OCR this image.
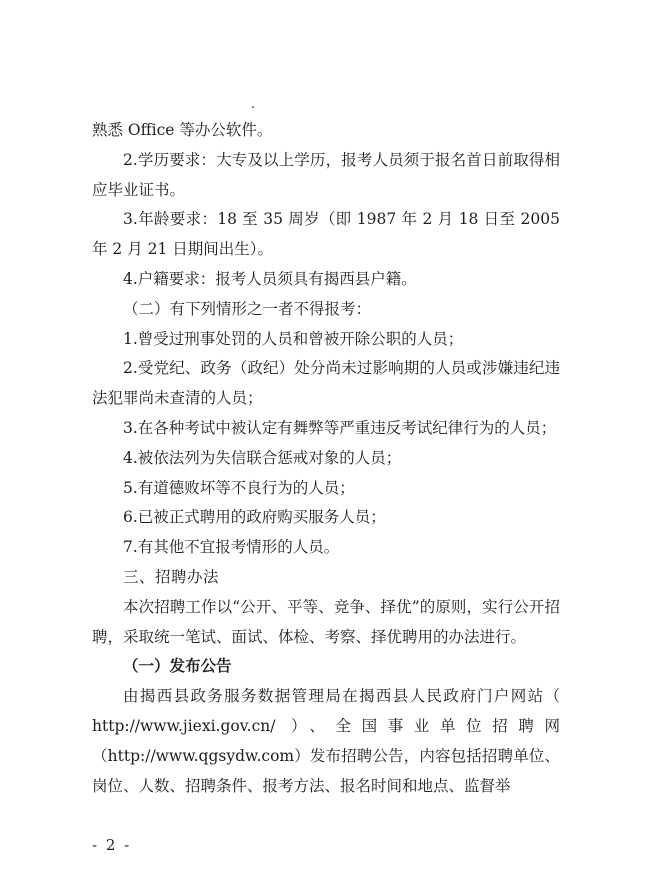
熟悉 Office 等办公软件。

2.学历要求：大专及以上学历，报考人员须于报名首日前取得相应毕业证书。

3.年龄要求：18 至 35 周岁（即 1987 年 2 月 18 日至 2005 年 2 月 21 日期间出生）。

4.户籍要求：报考人员须具有揭西县户籍。

（二）有下列情形之一者不得报考：

1.曾受过刑事处罚的人员和曾被开除公职的人员；

2.受党纪、政务（政纪）处分尚未过影响期的人员或涉嫌违纪违法犯罪尚未查清的人员；

3.在各种考试中被认定有舞弊等严重违反考试纪律行为的人员；

4.被依法列为失信联合惩戒对象的人员；

5.有道德败坏等不良行为的人员；

6.已被正式聘用的政府购买服务人员；

7.有其他不宜报考情形的人员。

三、招聘办法

本次招聘工作以“公开、平等、竞争、择优”的原则，实行公开招聘，采取统一笔试、面试、体检、考察、择优聘用的办法进行。

（一）发布公告

由揭西县政务服务数据管理局在揭西县人民政府门户网站（ http://www.jiexi.gov.cn/ ）、全国事业单位招聘网（http://www.qgsydw.com）发布招聘公告，内容包括招聘单位、岗位、人数、招聘条件、报考方法、报名时间和地点、监督举

- 2 -
